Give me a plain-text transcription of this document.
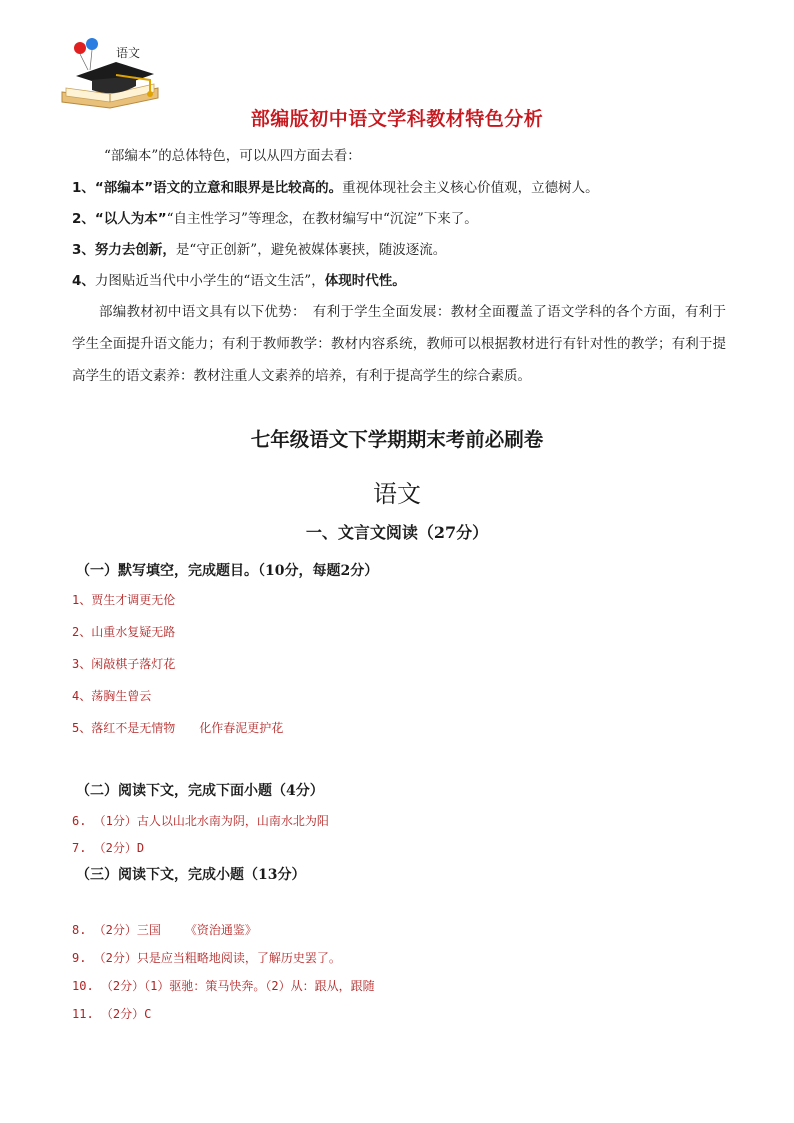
语文
部编版初中语文学科教材特色分析
“部编本”的总体特色，可以从四方面去看：
1、“部编本”语文的立意和眼界是比较高的。重视体现社会主义核心价值观，立德树人。
2、“以人为本”“自主性学习”等理念，在教材编写中“沉淀”下来了。
3、努力去创新，是“守正创新”，避免被媒体裹挟，随波逐流。
4、力图贴近当代中小学生的“语文生活”，体现时代性。
部编教材初中语文具有以下优势：　有利于学生全面发展：教材全面覆盖了语文学科的各个方面，有利于学生全面提升语文能力；有利于教师教学：教材内容系统，教师可以根据教材进行有针对性的教学；有利于提高学生的语文素养：教材注重人文素养的培养，有利于提高学生的综合素质。
七年级语文下学期期末考前必刷卷
语文
一、文言文阅读（27分）
（一）默写填空，完成题目。（10分，每题2分）
1、贾生才调更无伦
2、山重水复疑无路
3、闲敲棋子落灯花
4、荡胸生曾云
5、落红不是无情物 化作春泥更护花
（二）阅读下文，完成下面小题（4分）
6. （1分）古人以山北水南为阴，山南水北为阳
7. （2分）D
（三）阅读下文，完成小题（13分）
8. （2分）三国 《资治通鉴》
9. （2分）只是应当粗略地阅读，了解历史罢了。
10. （2分）（1）驱驰：策马快奔。（2）从：跟从，跟随
11. （2分）C
